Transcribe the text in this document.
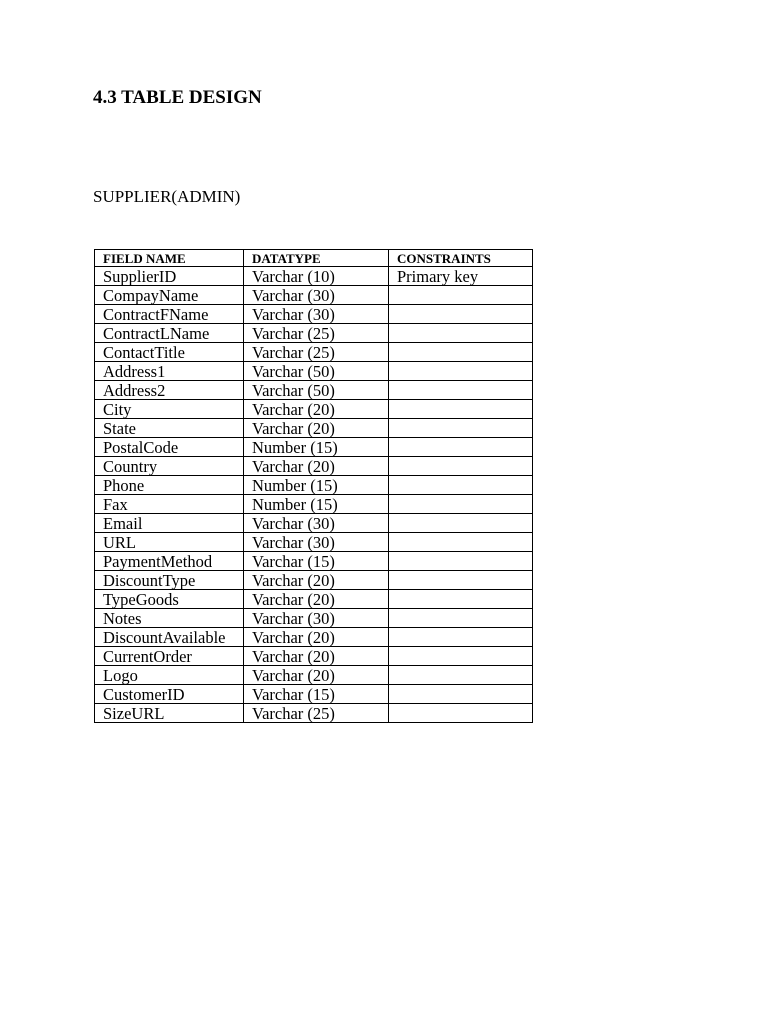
4.3 TABLE DESIGN

SUPPLIER(ADMIN)

FIELD NAME	DATATYPE	CONSTRAINTS
SupplierID	Varchar (10)	Primary key
CompayName	Varchar (30)	
ContractFName	Varchar (30)	
ContractLName	Varchar (25)	
ContactTitle	Varchar (25)	
Address1	Varchar (50)	
Address2	Varchar (50)	
City	Varchar (20)	
State	Varchar (20)	
PostalCode	Number (15)	
Country	Varchar (20)	
Phone	Number (15)	
Fax	Number (15)	
Email	Varchar (30)	
URL	Varchar (30)	
PaymentMethod	Varchar (15)	
DiscountType	Varchar (20)	
TypeGoods	Varchar (20)	
Notes	Varchar (30)	
DiscountAvailable	Varchar (20)	
CurrentOrder	Varchar (20)	
Logo	Varchar (20)	
CustomerID	Varchar (15)	
SizeURL	Varchar (25)	
